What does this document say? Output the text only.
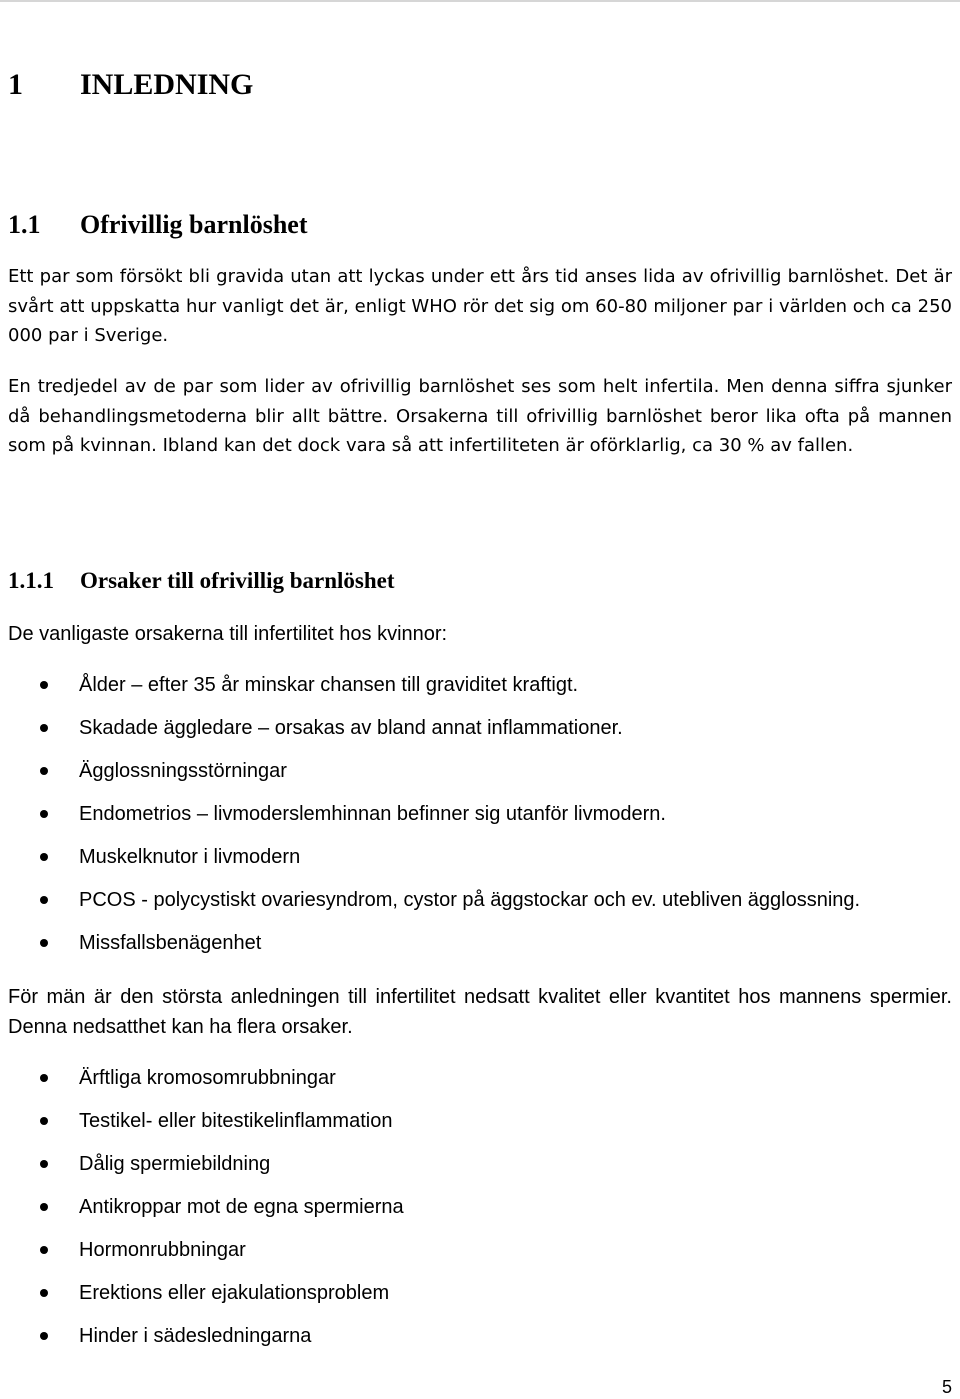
1 INLEDNING
1.1 Ofrivillig barnlöshet

Ett par som försökt bli gravida utan att lyckas under ett års tid anses lida av ofrivillig barnlöshet. Det är svårt att uppskatta hur vanligt det är, enligt WHO rör det sig om 60-80 miljoner par i världen och ca 250 000 par i Sverige.

En tredjedel av de par som lider av ofrivillig barnlöshet ses som helt infertila. Men denna siffra sjunker då behandlingsmetoderna blir allt bättre. Orsakerna till ofrivillig barnlöshet beror lika ofta på mannen som på kvinnan. Ibland kan det dock vara så att infertiliteten är oförklarlig, ca 30 % av fallen.

1.1.1 Orsaker till ofrivillig barnlöshet

De vanligaste orsakerna till infertilitet hos kvinnor:

Ålder – efter 35 år minskar chansen till graviditet kraftigt.
Skadade äggledare – orsakas av bland annat inflammationer.
Ägglossningsstörningar
Endometrios – livmoderslemhinnan befinner sig utanför livmodern.
Muskelknutor i livmodern
PCOS - polycystiskt ovariesyndrom, cystor på äggstockar och ev. utebliven ägglossning.
Missfallsbenägenhet

För män är den största anledningen till infertilitet nedsatt kvalitet eller kvantitet hos mannens spermier. Denna nedsatthet kan ha flera orsaker.

Ärftliga kromosomrubbningar
Testikel- eller bitestikelinflammation
Dålig spermiebildning
Antikroppar mot de egna spermierna
Hormonrubbningar
Erektions eller ejakulationsproblem
Hinder i sädesledningarna
5
